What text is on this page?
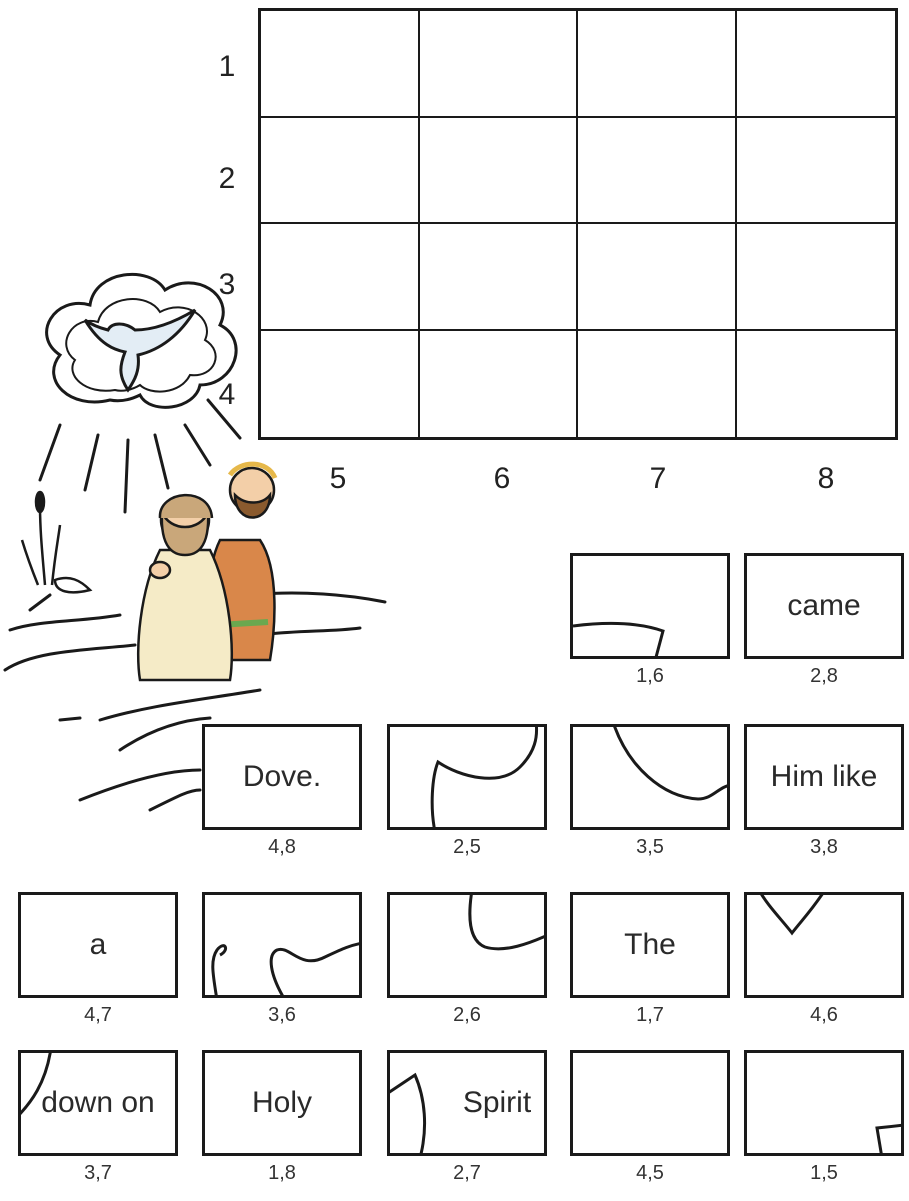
1
2
3
4
5	6	7	8
1,6
came
2,8
Dove.
4,8	2,5	3,5
Him like
3,8
a
4,7	3,6	2,6
The
1,7	4,6
down on
3,7
Holy
1,8
Spirit
2,7	4,5	1,5
